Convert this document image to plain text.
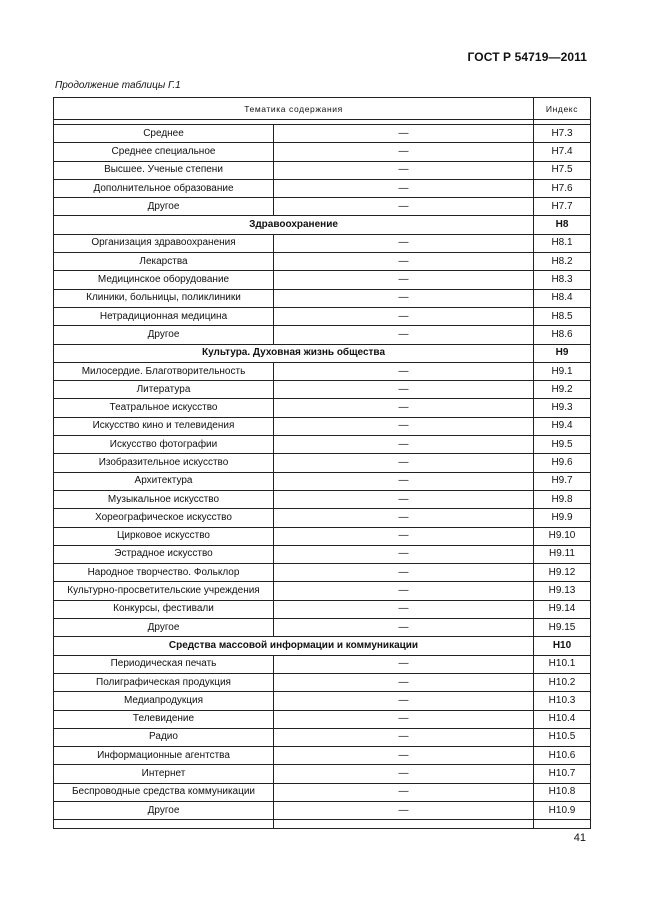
ГОСТ Р 54719—2011
Продолжение таблицы Г.1
Тематика содержания		Индекс

Среднее	—	H7.3
Среднее специальное	—	H7.4
Высшее. Ученые степени	—	H7.5
Дополнительное образование	—	H7.6
Другое	—	H7.7
Здравоохранение		H8
Организация здравоохранения	—	H8.1
Лекарства	—	H8.2
Медицинское оборудование	—	H8.3
Клиники, больницы, поликлиники	—	H8.4
Нетрадиционная медицина	—	H8.5
Другое	—	H8.6
Культура. Духовная жизнь общества		H9
Милосердие. Благотворительность	—	H9.1
Литература	—	H9.2
Театральное искусство	—	H9.3
Искусство кино и телевидения	—	H9.4
Искусство фотографии	—	H9.5
Изобразительное искусство	—	H9.6
Архитектура	—	H9.7
Музыкальное искусство	—	H9.8
Хореографическое искусство	—	H9.9
Цирковое искусство	—	H9.10
Эстрадное искусство	—	H9.11
Народное творчество. Фольклор	—	H9.12
Культурно-просветительские учреждения	—	H9.13
Конкурсы, фестивали	—	H9.14
Другое	—	H9.15
Средства массовой информации и коммуникации		H10
Периодическая печать	—	H10.1
Полиграфическая продукция	—	H10.2
Медиапродукция	—	H10.3
Телевидение	—	H10.4
Радио	—	H10.5
Информационные агентства	—	H10.6
Интернет	—	H10.7
Беспроводные средства коммуникации	—	H10.8
Другое	—	H10.9

41
